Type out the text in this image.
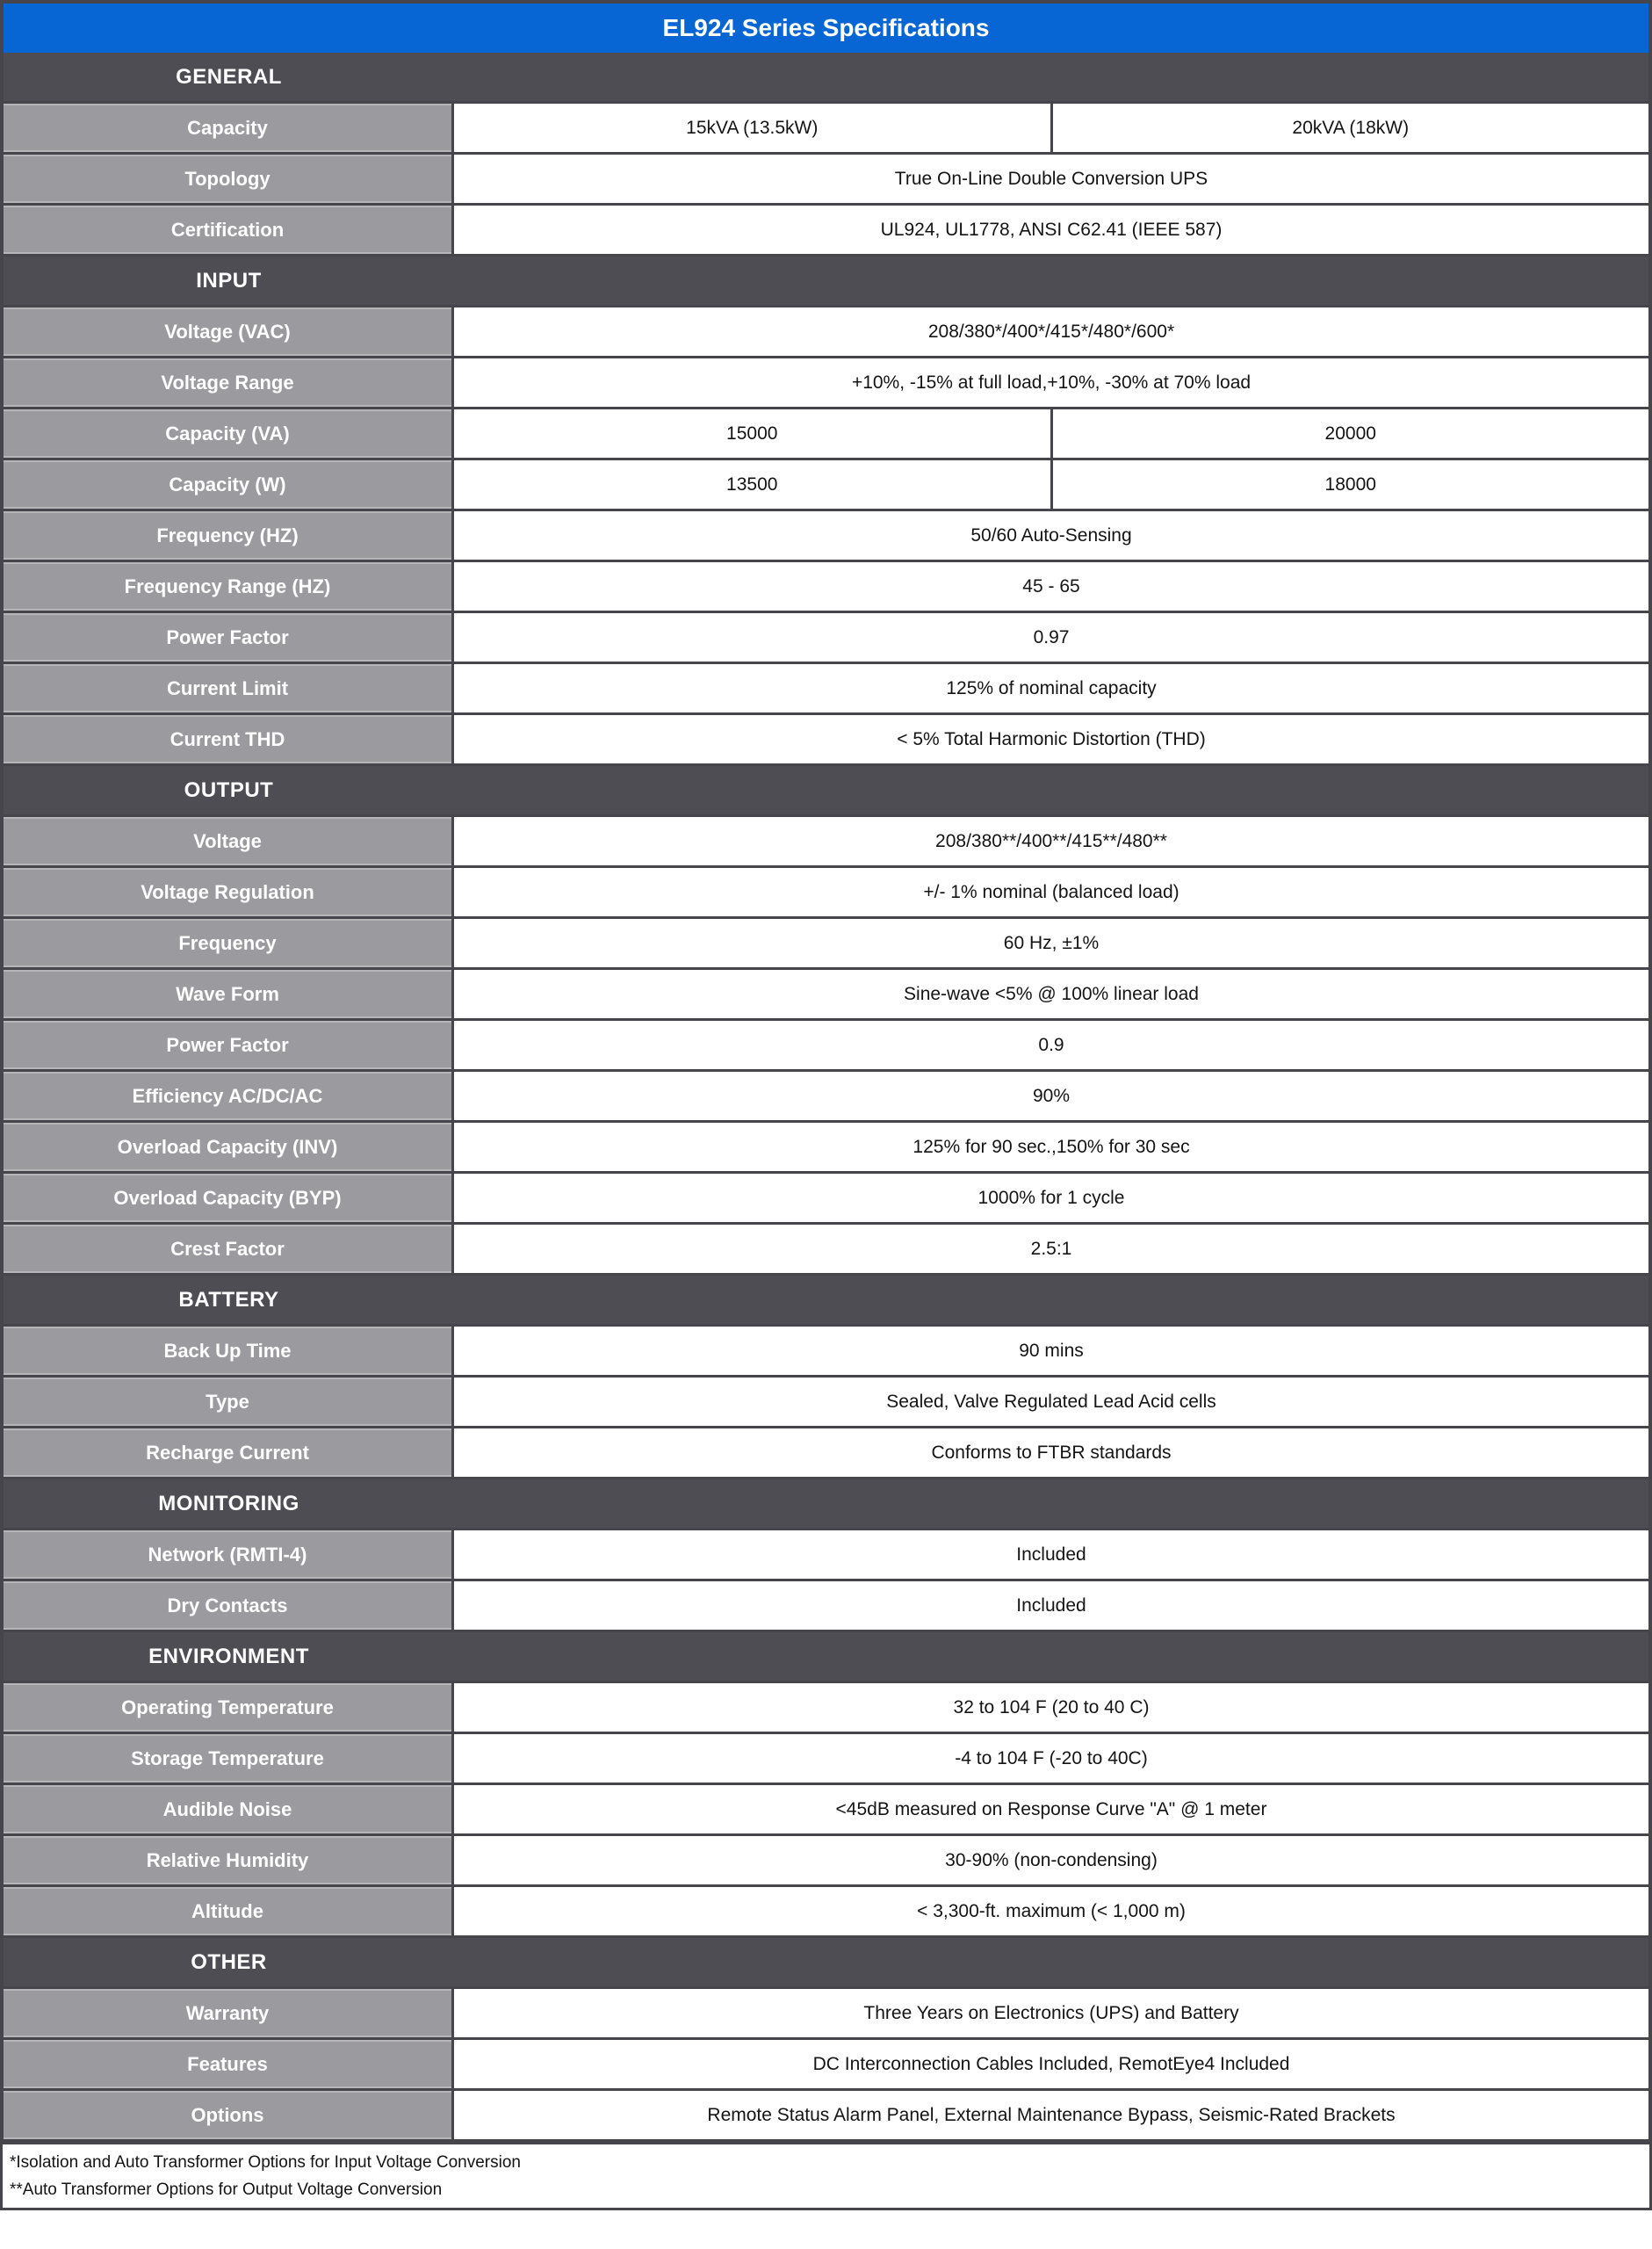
EL924 Series Specifications
GENERAL
Capacity	15kVA (13.5kW)	20kVA (18kW)
Topology	True On-Line Double Conversion UPS
Certification	UL924, UL1778, ANSI C62.41 (IEEE 587)
INPUT
Voltage (VAC)	208/380*/400*/415*/480*/600*
Voltage Range	+10%, -15% at full load,+10%, -30% at 70% load
Capacity (VA)	15000	20000
Capacity (W)	13500	18000
Frequency (HZ)	50/60 Auto-Sensing
Frequency Range (HZ)	45 - 65
Power Factor	0.97
Current Limit	125% of nominal capacity
Current THD	< 5% Total Harmonic Distortion (THD)
OUTPUT
Voltage	208/380**/400**/415**/480**
Voltage Regulation	+/- 1% nominal (balanced load)
Frequency	60 Hz, ±1%
Wave Form	Sine-wave <5% @ 100% linear load
Power Factor	0.9
Efficiency AC/DC/AC	90%
Overload Capacity (INV)	125% for 90 sec.,150% for 30 sec
Overload Capacity (BYP)	1000% for 1 cycle
Crest Factor	2.5:1
BATTERY
Back Up Time	90 mins
Type	Sealed, Valve Regulated Lead Acid cells
Recharge Current	Conforms to FTBR standards
MONITORING
Network (RMTI-4)	Included
Dry Contacts	Included
ENVIRONMENT
Operating Temperature	32 to 104 F (20 to 40 C)
Storage Temperature	-4 to 104 F (-20 to 40C)
Audible Noise	<45dB measured on Response Curve "A" @ 1 meter
Relative Humidity	30-90% (non-condensing)
Altitude	< 3,300-ft. maximum (< 1,000 m)
OTHER
Warranty	Three Years on Electronics (UPS) and Battery
Features	DC Interconnection Cables Included, RemotEye4 Included
Options	Remote Status Alarm Panel, External Maintenance Bypass, Seismic-Rated Brackets
*Isolation and Auto Transformer Options for Input Voltage Conversion
**Auto Transformer Options for Output Voltage Conversion
